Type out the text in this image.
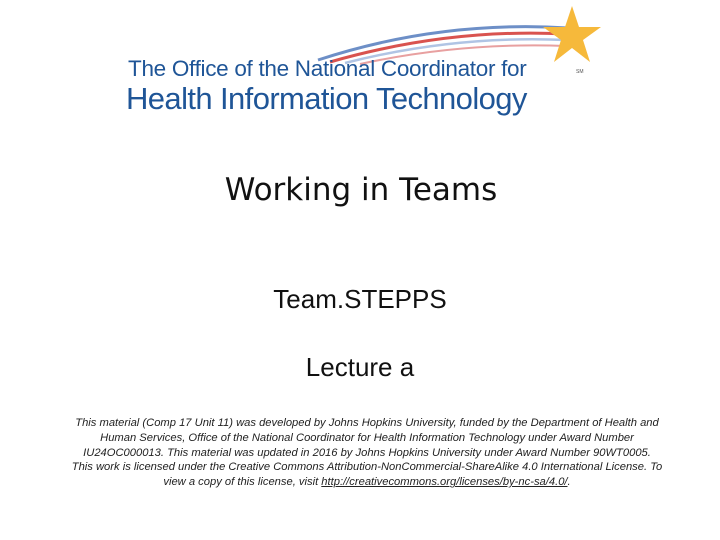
The Office of the National Coordinator for
Health Information Technology
SM
Working in Teams
Team.STEPPS
Lecture a

This material (Comp 17 Unit 11) was developed by Johns Hopkins University, funded by the Department of Health and Human Services, Office of the National Coordinator for Health Information Technology under Award Number IU24OC000013. This material was updated in 2016 by Johns Hopkins University under Award Number 90WT0005.

This work is licensed under the Creative Commons Attribution-NonCommercial-ShareAlike 4.0 International License. To view a copy of this license, visit http://creativecommons.org/licenses/by-nc-sa/4.0/.
